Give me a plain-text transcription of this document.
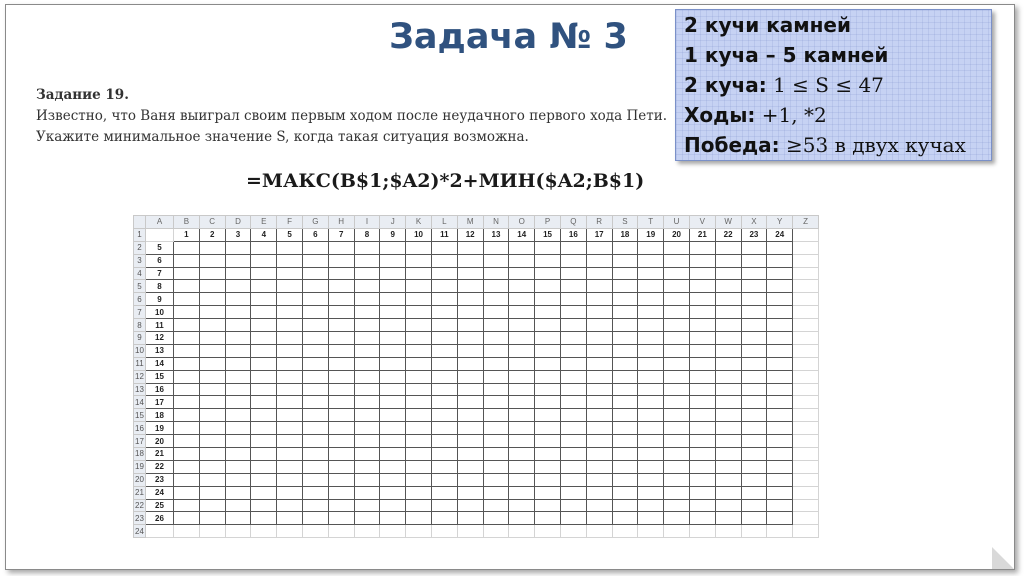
Задача № 3
Задание 19.
Известно, что Ваня выиграл своим первым ходом после неудачного первого хода Пети. Укажите минимальное значение S, когда такая ситуация возможна.
=МАКС(B$1;$A2)*2+МИН($A2;B$1)
2 кучи камней
1 куча – 5 камней
2 куча: 1 ≤ S ≤ 47
Ходы: +1, *2
Победа: ≥53 в двух кучах
	A	B	C	D	E	F	G	H	I	J	K	L	M	N	O	P	Q	R	S	T	U	V	W	X	Y	Z
1		1	2	3	4	5	6	7	8	9	10	11	12	13	14	15	16	17	18	19	20	21	22	23	24	
2	5																									
3	6																									
4	7																									
5	8																									
6	9																									
7	10																									
8	11																									
9	12																									
10	13																									
11	14																									
12	15																									
13	16																									
14	17																									
15	18																									
16	19																									
17	20																									
18	21																									
19	22																									
20	23																									
21	24																									
22	25																									
23	26																									
24																										
